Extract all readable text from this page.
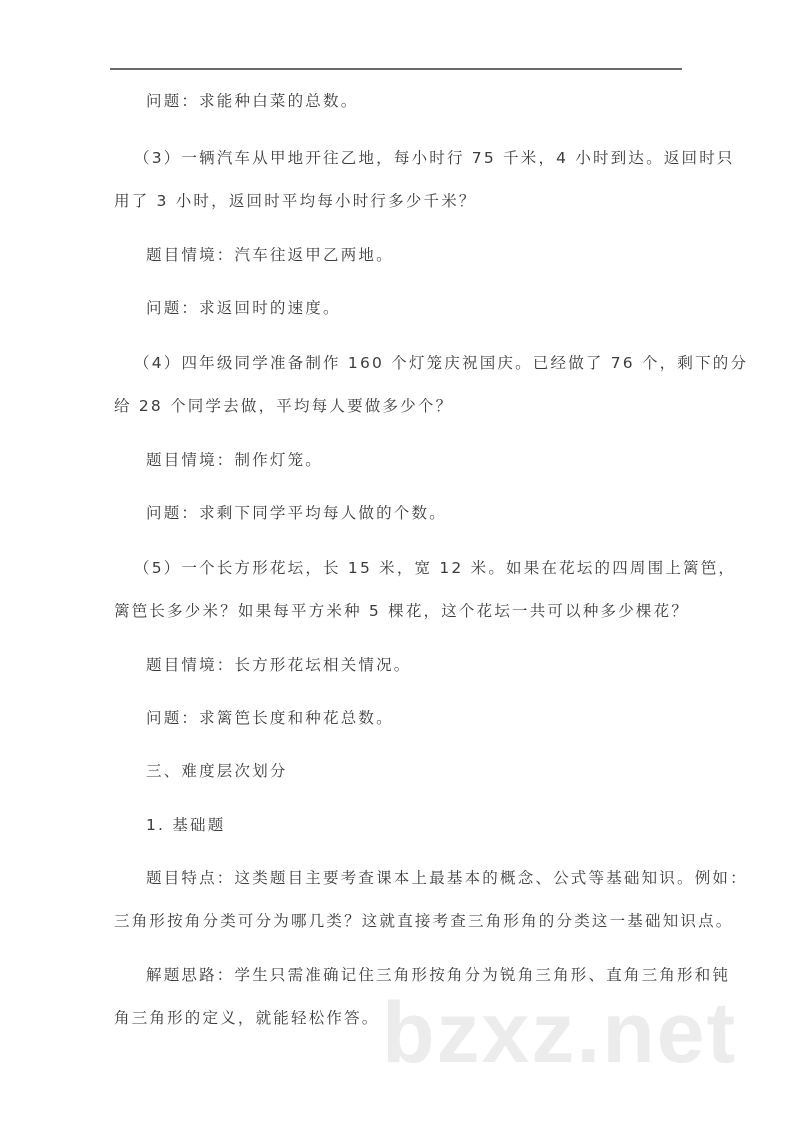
问题：求能种白菜的总数。
（3）一辆汽车从甲地开往乙地，每小时行 75 千米，4 小时到达。返回时只
用了 3 小时，返回时平均每小时行多少千米？
题目情境：汽车往返甲乙两地。
问题：求返回时的速度。
（4）四年级同学准备制作 160 个灯笼庆祝国庆。已经做了 76 个，剩下的分
给 28 个同学去做，平均每人要做多少个？
题目情境：制作灯笼。
问题：求剩下同学平均每人做的个数。
（5）一个长方形花坛，长 15 米，宽 12 米。如果在花坛的四周围上篱笆，
篱笆长多少米？如果每平方米种 5 棵花，这个花坛一共可以种多少棵花？
题目情境：长方形花坛相关情况。
问题：求篱笆长度和种花总数。
三、难度层次划分
1. 基础题
题目特点：这类题目主要考查课本上最基本的概念、公式等基础知识。例如：
三角形按角分类可分为哪几类？这就直接考查三角形角的分类这一基础知识点。
解题思路：学生只需准确记住三角形按角分为锐角三角形、直角三角形和钝
角三角形的定义，就能轻松作答。 bzxz.net
